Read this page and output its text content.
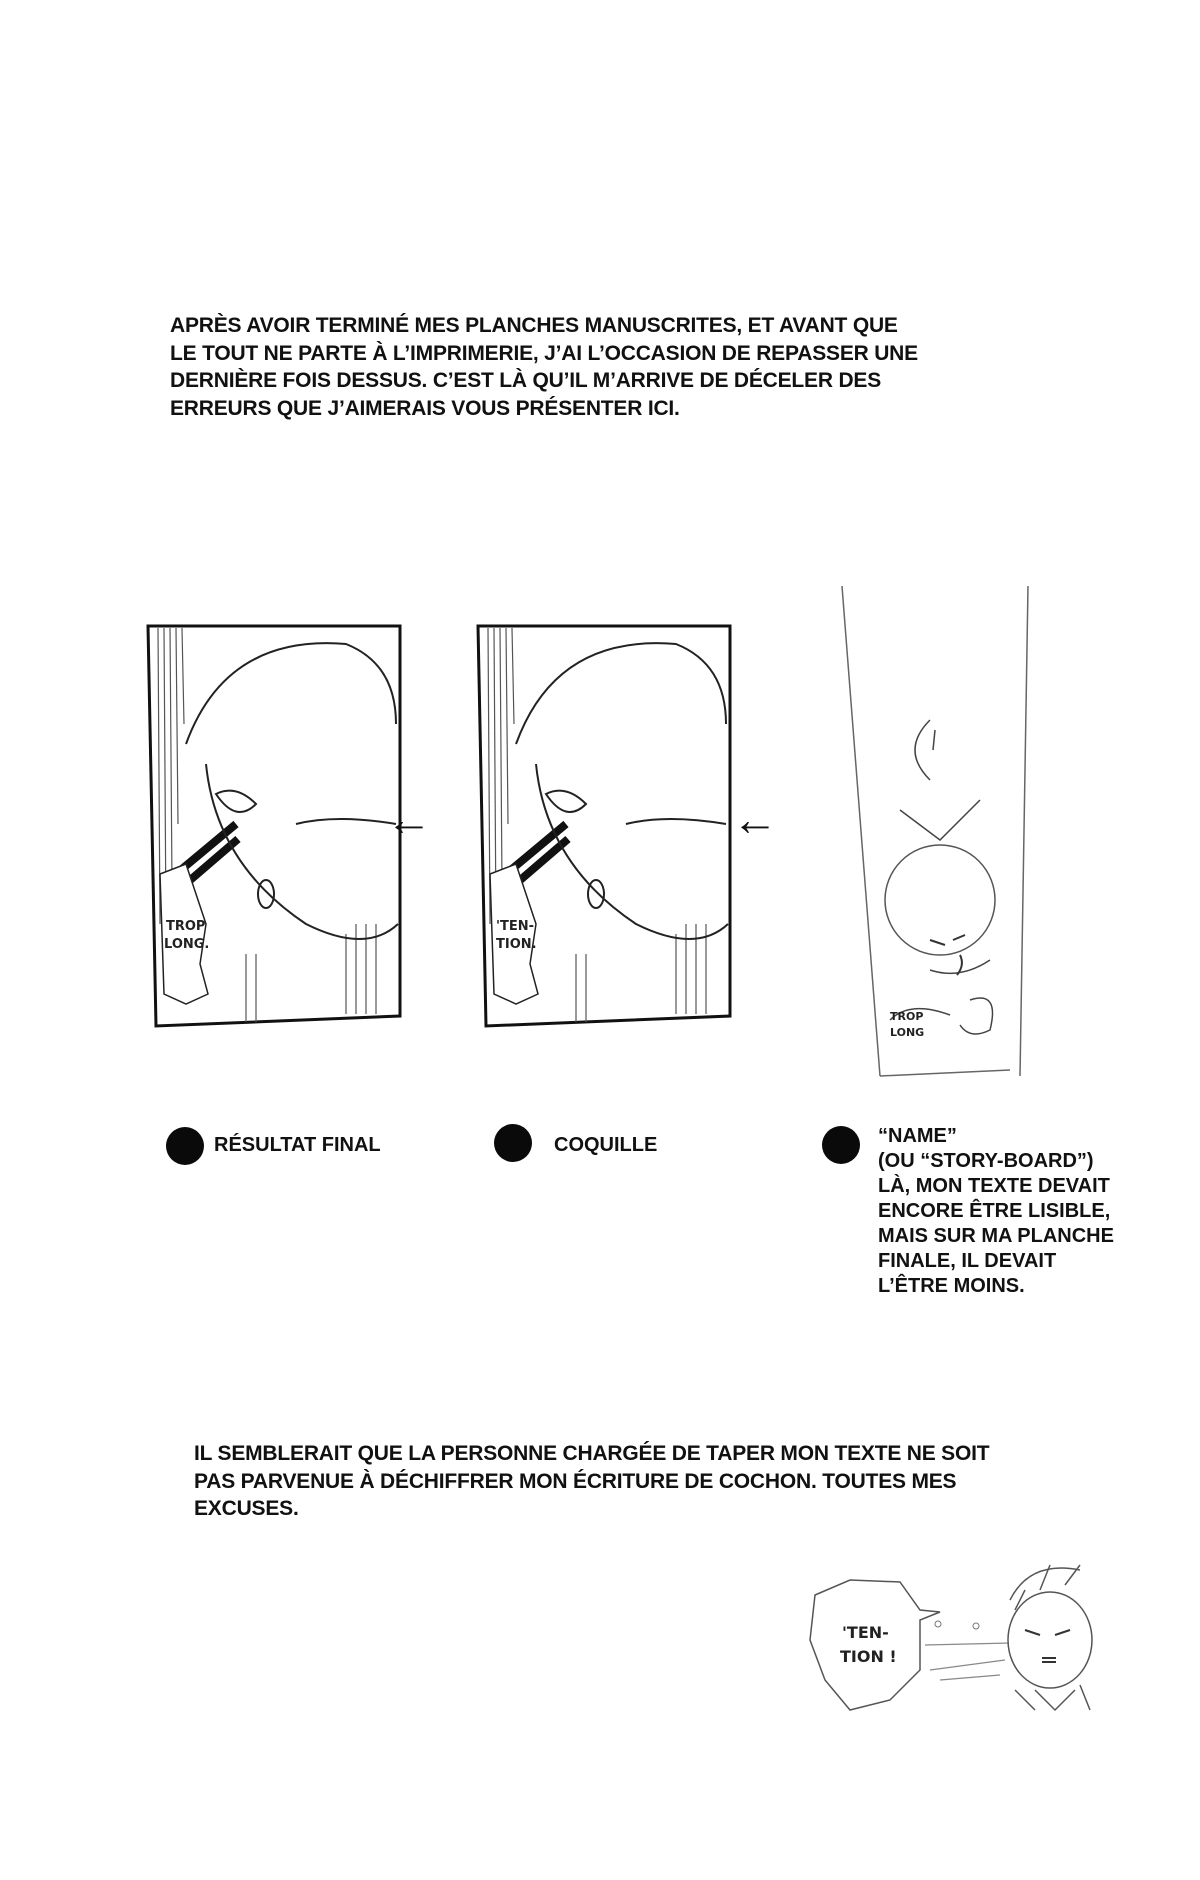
APRÈS AVOIR TERMINÉ MES PLANCHES MANUSCRITES, ET AVANT QUE
LE TOUT NE PARTE À L’IMPRIMERIE, J’AI L’OCCASION DE REPASSER UNE
DERNIÈRE FOIS DESSUS. C’EST LÀ QU’IL M’ARRIVE DE DÉCELER DES
ERREURS QUE J’AIMERAIS VOUS PRÉSENTER ICI.
TROP
LONG.
←
'TEN-
TION.
←
TROP
LONG
RÉSULTAT FINAL	COQUILLE	“NAME”
(OU “STORY-BOARD”)
LÀ, MON TEXTE DEVAIT
ENCORE ÊTRE LISIBLE,
MAIS SUR MA PLANCHE
FINALE, IL DEVAIT
L’ÊTRE MOINS.
IL SEMBLERAIT QUE LA PERSONNE CHARGÉE DE TAPER MON TEXTE NE SOIT
PAS PARVENUE À DÉCHIFFRER MON ÉCRITURE DE COCHON. TOUTES MES
EXCUSES.
'TEN-
TION !
